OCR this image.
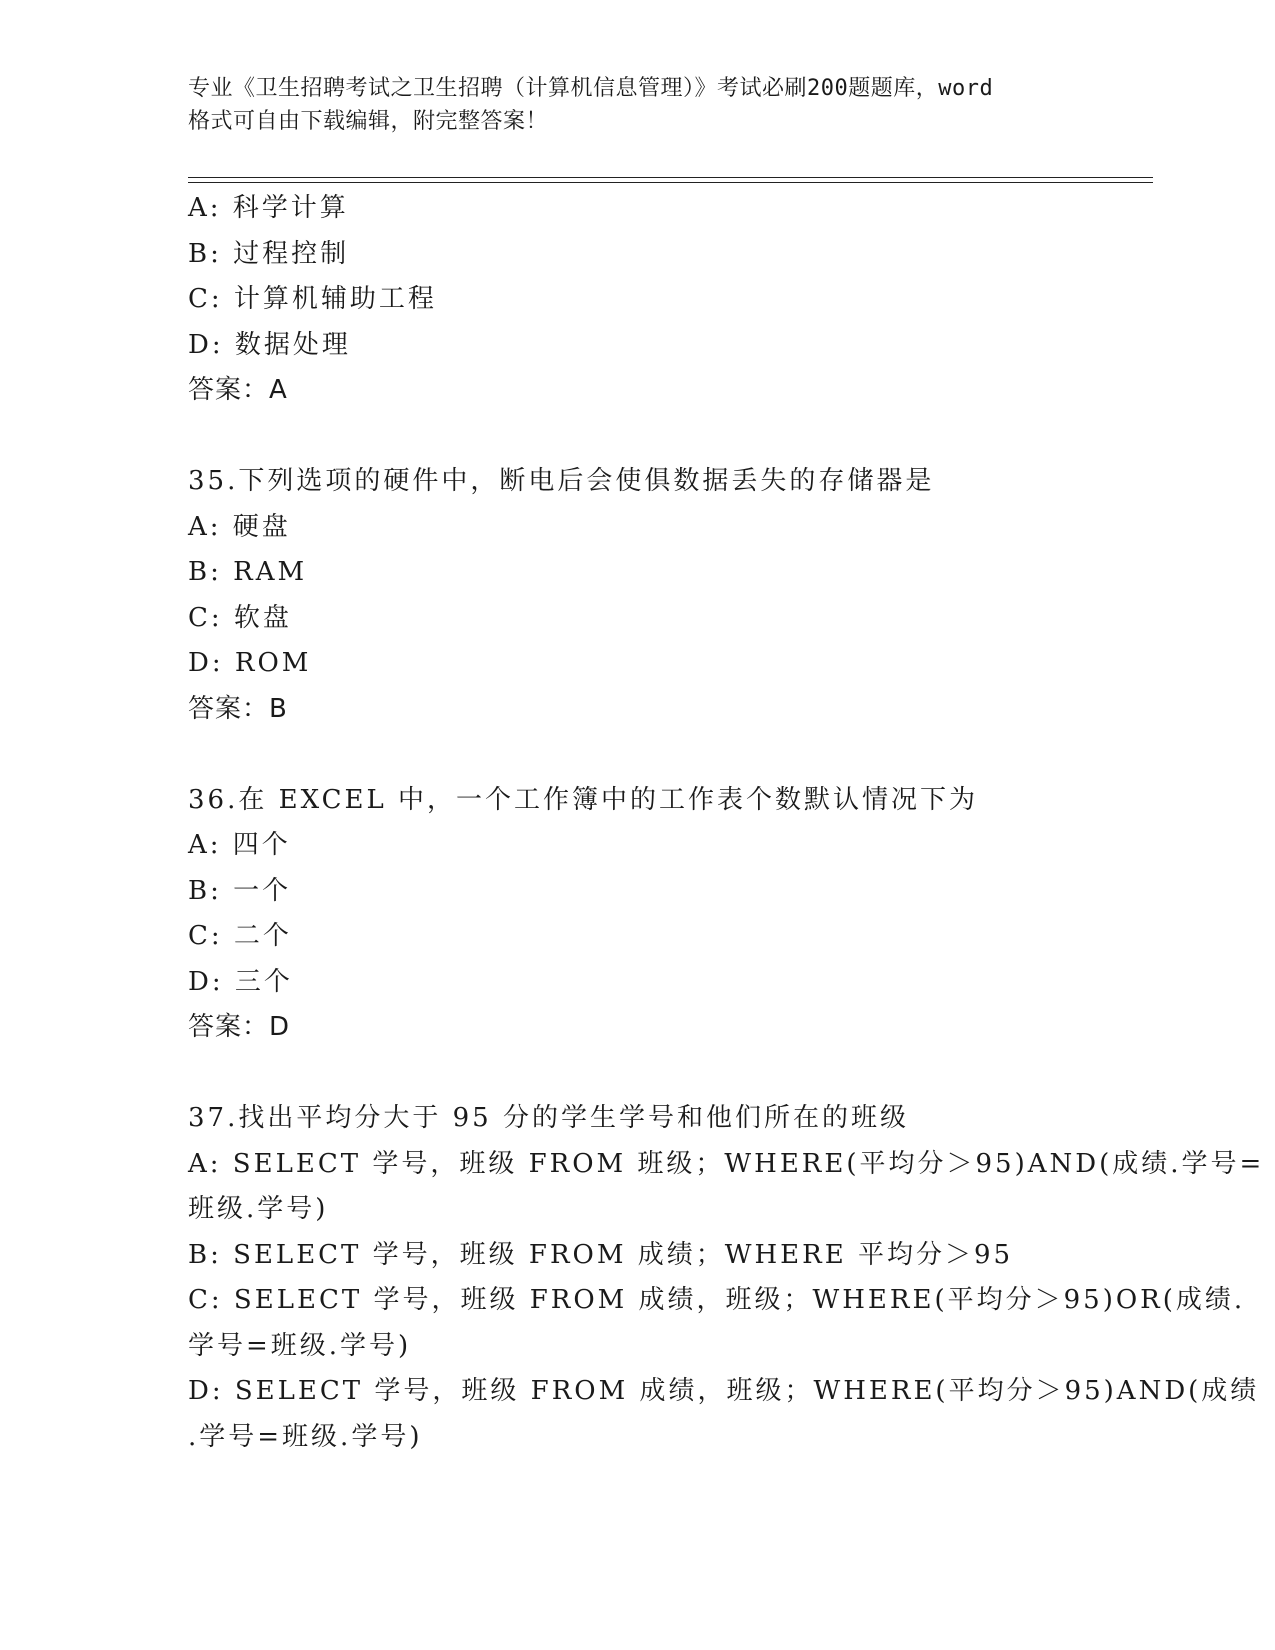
专业《卫生招聘考试之卫生招聘（计算机信息管理）》考试必刷200题题库，word
格式可自由下载编辑，附完整答案！
A: 科学计算
B: 过程控制
C: 计算机辅助工程
D: 数据处理
答案：A
35.下列选项的硬件中，断电后会使俱数据丢失的存储器是
A: 硬盘
B: RAM
C: 软盘
D: ROM
答案：B
36.在 EXCEL 中，一个工作簿中的工作表个数默认情况下为
A: 四个
B: 一个
C: 二个
D: 三个
答案：D
37.找出平均分大于 95 分的学生学号和他们所在的班级
A: SELECT 学号，班级 FROM 班级；WHERE(平均分＞95)AND(成绩.学号=
班级.学号)
B: SELECT 学号，班级 FROM 成绩；WHERE 平均分＞95
C: SELECT 学号，班级 FROM 成绩，班级；WHERE(平均分＞95)OR(成绩.
学号=班级.学号)
D: SELECT 学号，班级 FROM 成绩，班级；WHERE(平均分＞95)AND(成绩
.学号=班级.学号)
